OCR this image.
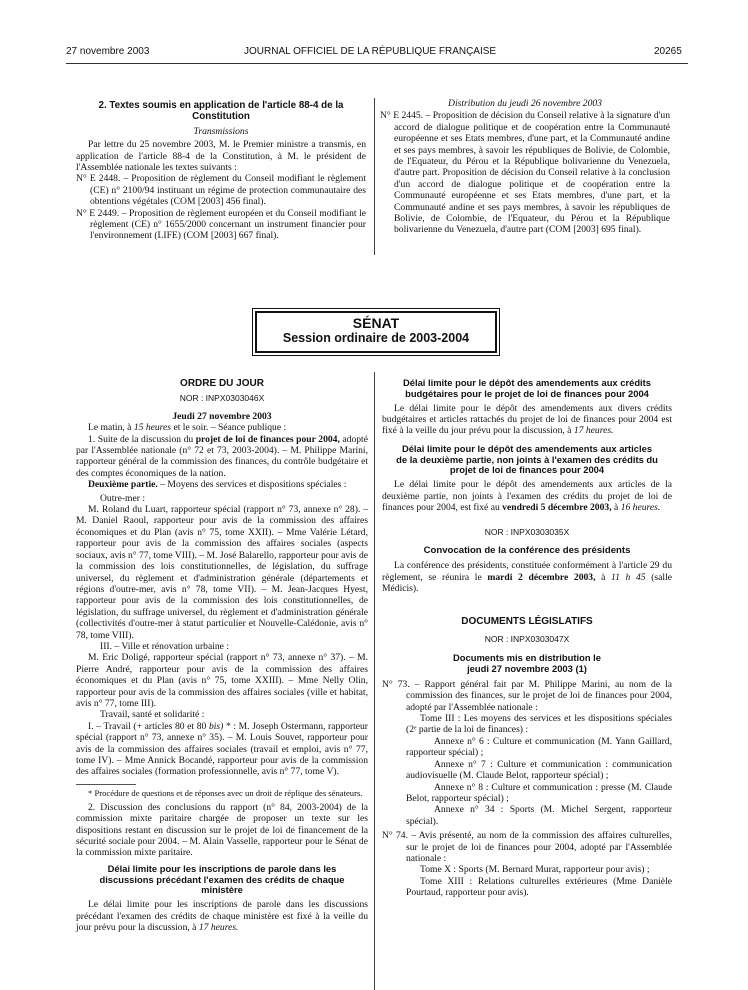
27 novembre 2003	JOURNAL OFFICIEL DE LA RÉPUBLIQUE FRANÇAISE	20265

2. Textes soumis en application de l'article 88-4 de la Constitution

Transmissions

Par lettre du 25 novembre 2003, M. le Premier ministre a transmis, en application de l'article 88-4 de la Constitution, à M. le président de l'Assemblée nationale les textes suivants :

N° E 2448. – Proposition de règlement du Conseil modifiant le règlement (CE) n° 2100/94 instituant un régime de protection communautaire des obtentions végétales (COM [2003] 456 final).

N° E 2449. – Proposition de règlement européen et du Conseil modifiant le règlement (CE) n° 1655/2000 concernant un instrument financier pour l'environnement (LIFE) (COM [2003] 667 final).

Distribution du jeudi 26 novembre 2003

N° E 2445. – Proposition de décision du Conseil relative à la signature d'un accord de dialogue politique et de coopération entre la Communauté européenne et ses Etats membres, d'une part, et la Communauté andine et ses pays membres, à savoir les républiques de Bolivie, de Colombie, de l'Equateur, du Pérou et la République bolivarienne du Venezuela, d'autre part. Proposition de décision du Conseil relative à la conclusion d'un accord de dialogue politique et de coopération entre la Communauté européenne et ses Etats membres, d'une part, et la Communauté andine et ses pays membres, à savoir les républiques de Bolivie, de Colombie, de l'Equateur, du Pérou et la République bolivarienne du Venezuela, d'autre part (COM [2003] 695 final).

SÉNAT
Session ordinaire de 2003-2004

ORDRE DU JOUR

NOR : INPX0303046X

Jeudi 27 novembre 2003

Le matin, à 15 heures et le soir. – Séance publique :

1. Suite de la discussion du projet de loi de finances pour 2004, adopté par l'Assemblée nationale (n° 72 et 73, 2003-2004). – M. Philippe Marini, rapporteur général de la commission des finances, du contrôle budgétaire et des comptes économiques de la nation.

Deuxième partie. – Moyens des services et dispositions spéciales :

Outre-mer :

M. Roland du Luart, rapporteur spécial (rapport n° 73, annexe n° 28). – M. Daniel Raoul, rapporteur pour avis de la commission des affaires économiques et du Plan (avis n° 75, tome XXII). – Mme Valérie Létard, rapporteur pour avis de la commission des affaires sociales (aspects sociaux, avis n° 77, tome VIII). – M. José Balarello, rapporteur pour avis de la commission des lois constitutionnelles, de législation, du suffrage universel, du règlement et d'administration générale (départements et régions d'outre-mer, avis n° 78, tome VII). – M. Jean-Jacques Hyest, rapporteur pour avis de la commission des lois constitutionnelles, de législation, du suffrage universel, du règlement et d'administration générale (collectivités d'outre-mer à statut particulier et Nouvelle-Calédonie, avis n° 78, tome VIII).

III. – Ville et rénovation urbaine :

M. Eric Doligé, rapporteur spécial (rapport n° 73, annexe n° 37). – M. Pierre André, rapporteur pour avis de la commission des affaires économiques et du Plan (avis n° 75, tome XXIII). – Mme Nelly Olin, rapporteur pour avis de la commission des affaires sociales (ville et habitat, avis n° 77, tome III).

Travail, santé et solidarité :

I. – Travail (+ articles 80 et 80 bis) * : M. Joseph Ostermann, rapporteur spécial (rapport n° 73, annexe n° 35). – M. Louis Souvet, rapporteur pour avis de la commission des affaires sociales (travail et emploi, avis n° 77, tome IV). – Mme Annick Bocandé, rapporteur pour avis de la commission des affaires sociales (formation professionnelle, avis n° 77, tome V).

* Procédure de questions et de réponses avec un droit de réplique des sénateurs.

2. Discussion des conclusions du rapport (n° 84, 2003-2004) de la commission mixte paritaire chargée de proposer un texte sur les dispositions restant en discussion sur le projet de loi de financement de la sécurité sociale pour 2004. – M. Alain Vasselle, rapporteur pour le Sénat de la commission mixte paritaire.

Délai limite pour les inscriptions de parole dans les discussions précédant l'examen des crédits de chaque ministère

Le délai limite pour les inscriptions de parole dans les discussions précédant l'examen des crédits de chaque ministère est fixé à la veille du jour prévu pour la discussion, à 17 heures.

Délai limite pour le dépôt des amendements aux crédits budgétaires pour le projet de loi de finances pour 2004

Le délai limite pour le dépôt des amendements aux divers crédits budgétaires et articles rattachés du projet de loi de finances pour 2004 est fixé à la veille du jour prévu pour la discussion, à 17 heures.

Délai limite pour le dépôt des amendements aux articles de la deuxième partie, non joints à l'examen des crédits du projet de loi de finances pour 2004

Le délai limite pour le dépôt des amendements aux articles de la deuxième partie, non joints à l'examen des crédits du projet de loi de finances pour 2004, est fixé au vendredi 5 décembre 2003, à 16 heures.

NOR : INPX0303035X

Convocation de la conférence des présidents

La conférence des présidents, constituée conformément à l'article 29 du règlement, se réunira le mardi 2 décembre 2003, à 11 h 45 (salle Médicis).

DOCUMENTS LÉGISLATIFS

NOR : INPX0303047X

Documents mis en distribution le jeudi 27 novembre 2003 (1)

N° 73. – Rapport général fait par M. Philippe Marini, au nom de la commission des finances, sur le projet de loi de finances pour 2004, adopté par l'Assemblée nationale :

Tome III : Les moyens des services et les dispositions spéciales (2ᵉ partie de la loi de finances) :

Annexe n° 6 : Culture et communication (M. Yann Gaillard, rapporteur spécial) ;

Annexe n° 7 : Culture et communication : communication audiovisuelle (M. Claude Belot, rapporteur spécial) ;

Annexe n° 8 : Culture et communication : presse (M. Claude Belot, rapporteur spécial) ;

Annexe n° 34 : Sports (M. Michel Sergent, rapporteur spécial).

N° 74. – Avis présenté, au nom de la commission des affaires culturelles, sur le projet de loi de finances pour 2004, adopté par l'Assemblée nationale :

Tome X : Sports (M. Bernard Murat, rapporteur pour avis) ;

Tome XIII : Relations culturelles extérieures (Mme Danièle Pourtaud, rapporteur pour avis).
